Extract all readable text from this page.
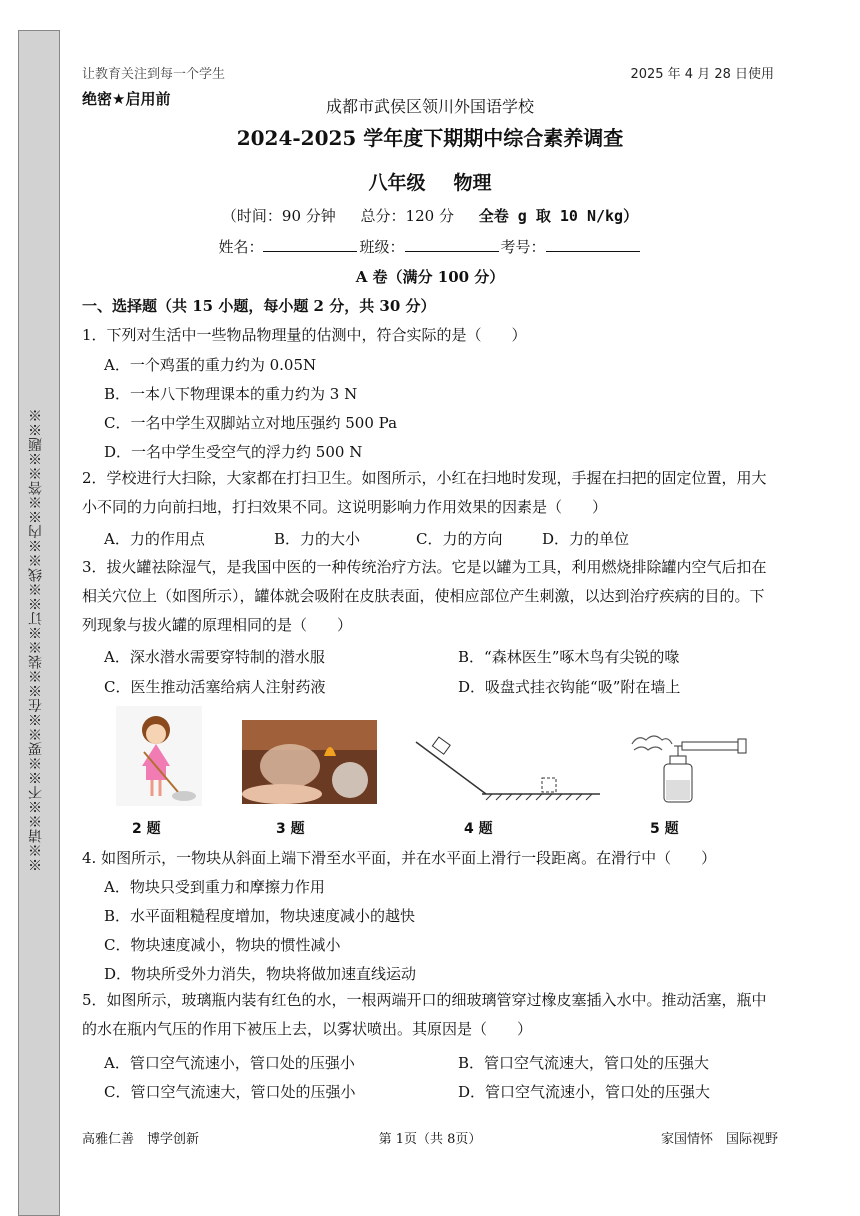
※※请※※不※※要※※在※※装※※订※※线※※内※※答※※题※※
让教育关注到每一个学生	2025 年 4 月 28 日使用
绝密★启用前	成都市武侯区领川外国语学校
2024-2025 学年度下期期中综合素养调查
八年级 物理
（时间：90 分钟 总分：120 分 全卷 g 取 10 N/kg）
姓名：	班级：	考号：
A 卷（满分 100 分）
一、选择题（共 15 小题，每小题 2 分，共 30 分）
1．下列对生活中一些物品物理量的估测中，符合实际的是（　　）
A．一个鸡蛋的重力约为 0.05N
B．一本八下物理课本的重力约为 3 N
C．一名中学生双脚站立对地压强约 500 Pa
D．一名中学生受空气的浮力约 500 N
2．学校进行大扫除，大家都在打扫卫生。如图所示，小红在扫地时发现，手握在扫把的固定位置，用大小不同的力向前扫地，打扫效果不同。这说明影响力作用效果的因素是（　　）
A．力的作用点	B．力的大小	C．力的方向	D．力的单位
3．拔火罐祛除湿气，是我国中医的一种传统治疗方法。它是以罐为工具，利用燃烧排除罐内空气后扣在相关穴位上（如图所示），罐体就会吸附在皮肤表面，使相应部位产生刺激，以达到治疗疾病的目的。下列现象与拔火罐的原理相同的是（　　）
A．深水潜水需要穿特制的潜水服	B．“森林医生”啄木鸟有尖锐的喙
C．医生推动活塞给病人注射药液	D．吸盘式挂衣钩能“吸”附在墙上
2 题	3 题	4 题	5 题
4. 如图所示，一物块从斜面上端下滑至水平面，并在水平面上滑行一段距离。在滑行中（　　）
A．物块只受到重力和摩擦力作用
B．水平面粗糙程度增加，物块速度减小的越快
C．物块速度减小，物块的惯性减小
D．物块所受外力消失，物块将做加速直线运动
5．如图所示，玻璃瓶内装有红色的水，一根两端开口的细玻璃管穿过橡皮塞插入水中。推动活塞，瓶中的水在瓶内气压的作用下被压上去，以雾状喷出。其原因是（　　）
A．管口空气流速小，管口处的压强小	B．管口空气流速大，管口处的压强大
C．管口空气流速大，管口处的压强小	D．管口空气流速小，管口处的压强大
高雅仁善　博学创新	第 1页（共 8页）	家国情怀　国际视野
